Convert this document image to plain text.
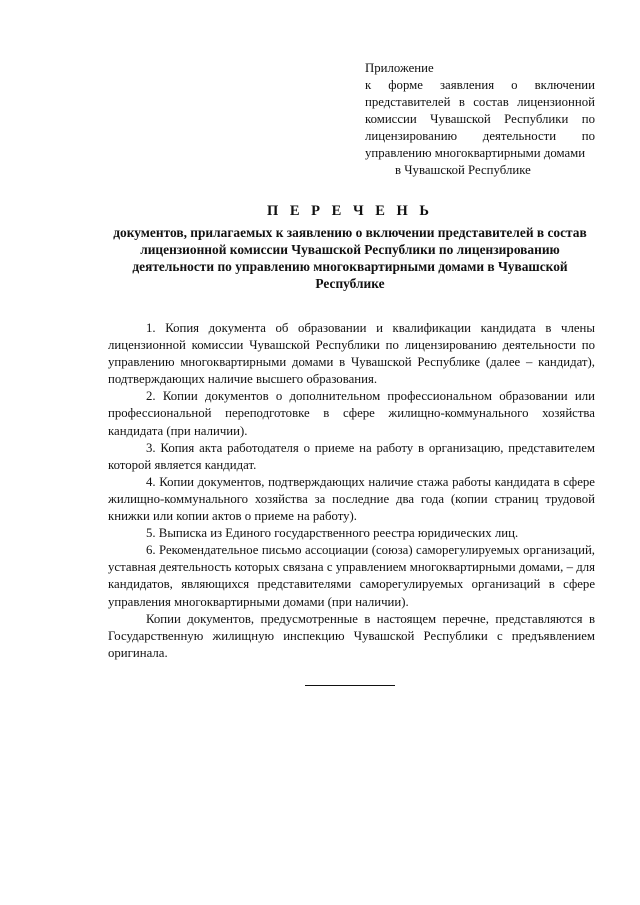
Приложение

к форме заявления о включении представителей в состав лицензионной комиссии Чувашской Республики по лицензированию деятельности по управлению многоквартирными домами

в Чувашской Республике

П Е Р Е Ч Е Н Ь

документов, прилагаемых к заявлению о включении представителей в состав лицензионной комиссии Чувашской Республики по лицензированию деятельности по управлению многоквартирными домами в Чувашской Республике

1. Копия документа об образовании и квалификации кандидата в члены лицензионной комиссии Чувашской Республики по лицензированию деятельности по управлению многоквартирными домами в Чувашской Республике (далее – кандидат), подтверждающих наличие высшего образования.

2. Копии документов о дополнительном профессиональном образовании или профессиональной переподготовке в сфере жилищно-коммунального хозяйства кандидата (при наличии).

3. Копия акта работодателя о приеме на работу в организацию, представителем которой является кандидат.

4. Копии документов, подтверждающих наличие стажа работы кандидата в сфере жилищно-коммунального хозяйства за последние два года (копии страниц трудовой книжки или копии актов о приеме на работу).

5. Выписка из Единого государственного реестра юридических лиц.

6. Рекомендательное письмо ассоциации (союза) саморегулируемых организаций, уставная деятельность которых связана с управлением многоквартирными домами, – для кандидатов, являющихся представителями саморегулируемых организаций в сфере управления многоквартирными домами (при наличии).

Копии документов, предусмотренные в настоящем перечне, представляются в Государственную жилищную инспекцию Чувашской Республики с предъявлением оригинала.
